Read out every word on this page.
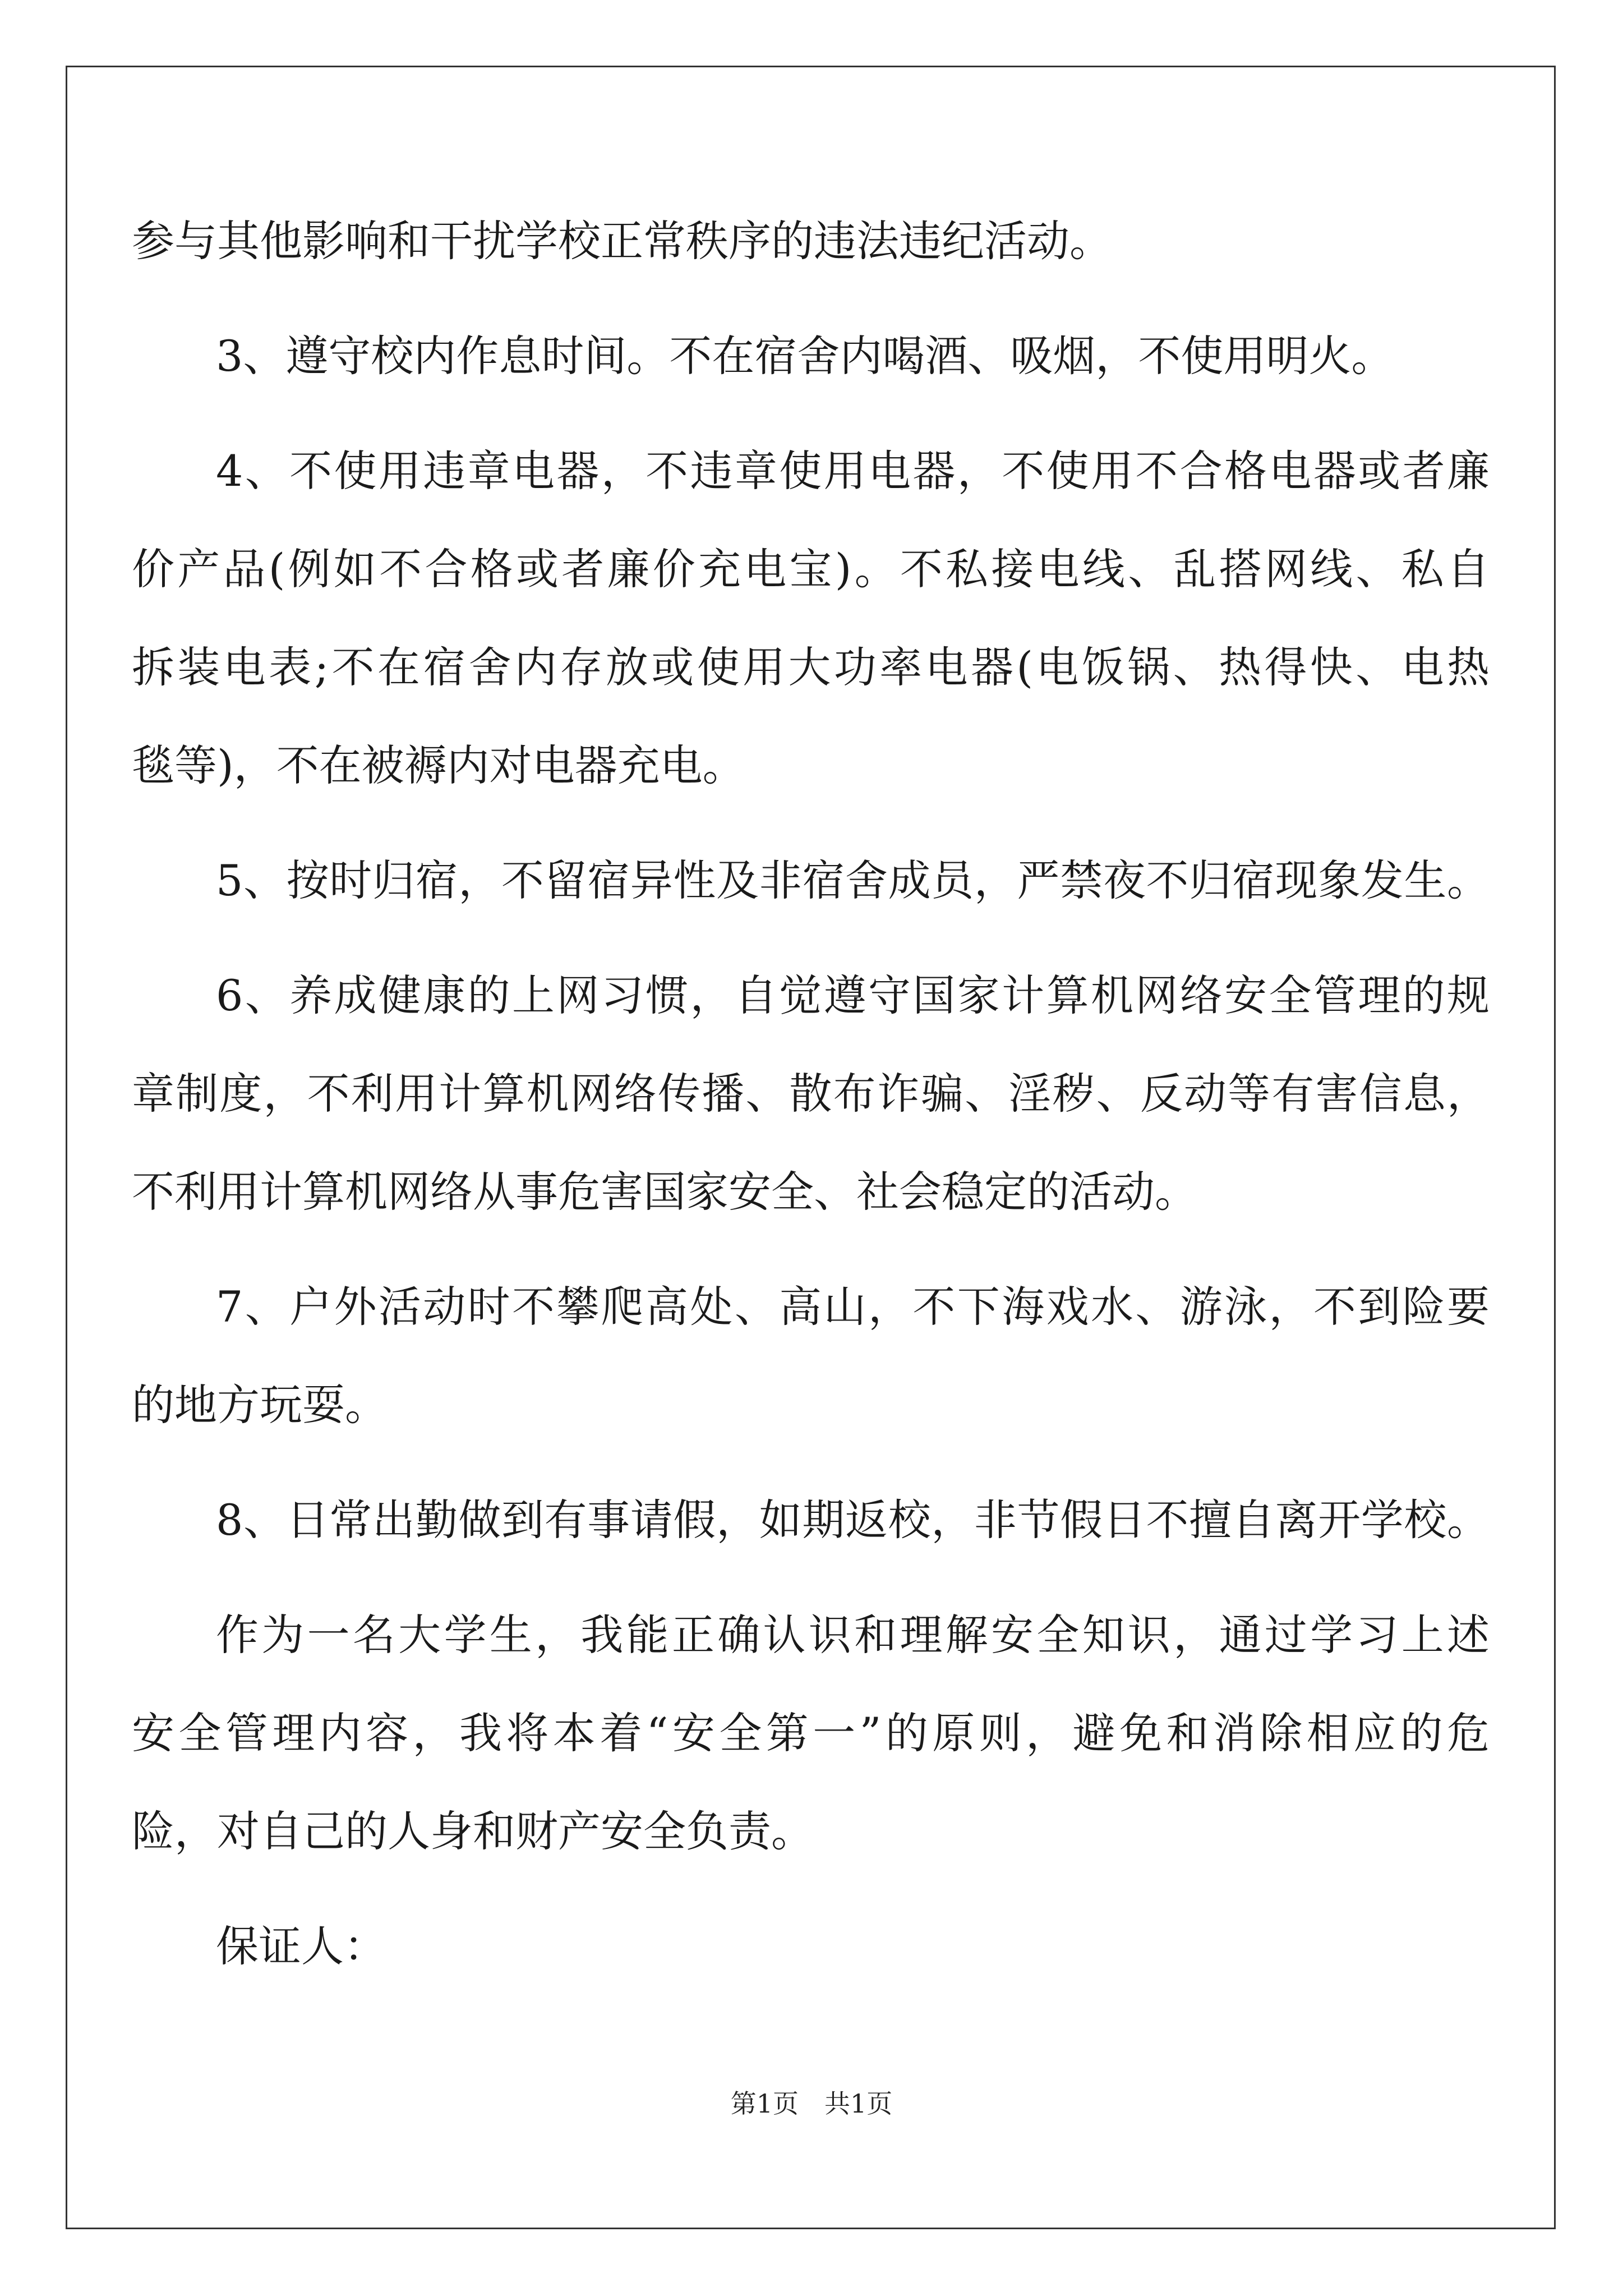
参与其他影响和干扰学校正常秩序的违法违纪活动。
3、遵守校内作息时间。不在宿舍内喝酒、吸烟，不使用明火。
4、不使用违章电器，不违章使用电器，不使用不合格电器或者廉
价产品(例如不合格或者廉价充电宝)。不私接电线、乱搭网线、私自
拆装电表;不在宿舍内存放或使用大功率电器(电饭锅、热得快、电热
毯等)，不在被褥内对电器充电。
5、按时归宿，不留宿异性及非宿舍成员，严禁夜不归宿现象发生。
6、养成健康的上网习惯，自觉遵守国家计算机网络安全管理的规
章制度，不利用计算机网络传播、散布诈骗、淫秽、反动等有害信息，
不利用计算机网络从事危害国家安全、社会稳定的活动。
7、户外活动时不攀爬高处、高山，不下海戏水、游泳，不到险要
的地方玩耍。
8、日常出勤做到有事请假，如期返校，非节假日不擅自离开学校。
作为一名大学生，我能正确认识和理解安全知识，通过学习上述
安全管理内容，我将本着“安全第一”的原则，避免和消除相应的危
险，对自己的人身和财产安全负责。
保证人：
第1页　共1页
